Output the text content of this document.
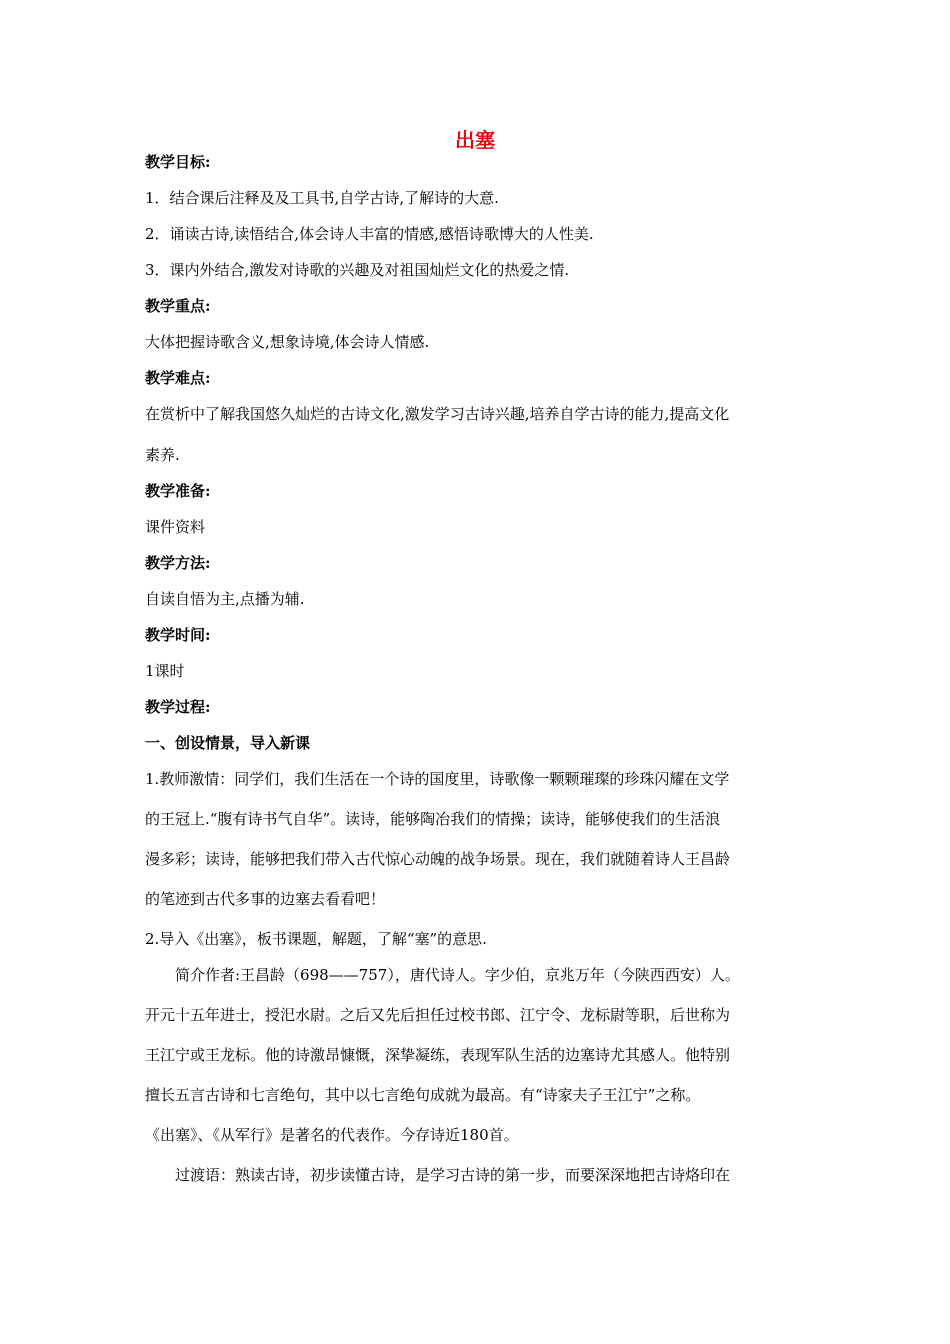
出塞
教学目标:
1．结合课后注释及及工具书,自学古诗,了解诗的大意.
2．诵读古诗,读悟结合,体会诗人丰富的情感,感悟诗歌博大的人性美.
3．课内外结合,激发对诗歌的兴趣及对祖国灿烂文化的热爱之情.
教学重点:
大体把握诗歌含义,想象诗境,体会诗人情感.
教学难点:
在赏析中了解我国悠久灿烂的古诗文化,激发学习古诗兴趣,培养自学古诗的能力,提高文化
素养.
教学准备:
课件资料
教学方法:
自读自悟为主,点播为辅.
教学时间:
1课时
教学过程:
一、创设情景，导入新课
1.教师激情：同学们，我们生活在一个诗的国度里，诗歌像一颗颗璀璨的珍珠闪耀在文学
的王冠上.“腹有诗书气自华”。读诗，能够陶冶我们的情操；读诗，能够使我们的生活浪
漫多彩；读诗，能够把我们带入古代惊心动魄的战争场景。现在，我们就随着诗人王昌龄
的笔迹到古代多事的边塞去看看吧！
2.导入《出塞》，板书课题，解题，了解“塞”的意思.
简介作者:王昌龄（698——757），唐代诗人。字少伯，京兆万年（今陕西西安）人。
开元十五年进士，授汜水尉。之后又先后担任过校书郎、江宁令、龙标尉等职，后世称为
王江宁或王龙标。他的诗激昂慷慨，深挚凝练，表现军队生活的边塞诗尤其感人。他特别
擅长五言古诗和七言绝句，其中以七言绝句成就为最高。有“诗家夫子王江宁”之称。
《出塞》、《从军行》是著名的代表作。今存诗近180首。
过渡语：熟读古诗，初步读懂古诗，是学习古诗的第一步，而要深深地把古诗烙印在
